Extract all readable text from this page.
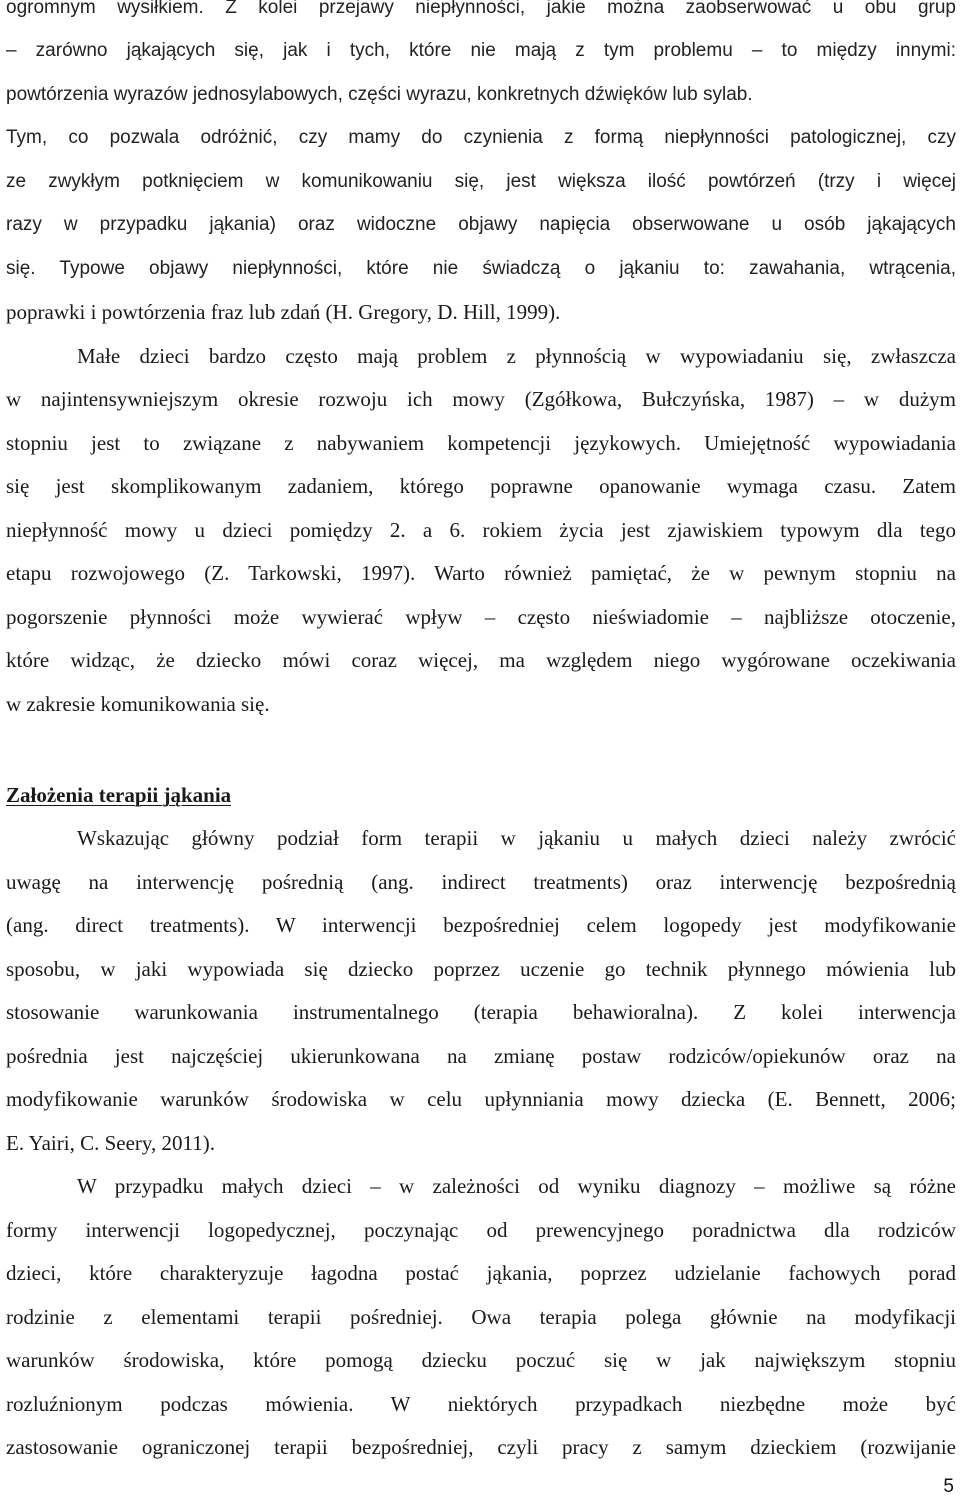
ogromnym wysiłkiem. Z kolei przejawy niepłynności, jakie można zaobserwować u obu grup
– zarówno jąkających się, jak i tych, które nie mają z tym problemu – to między innymi:
powtórzenia wyrazów jednosylabowych, części wyrazu, konkretnych dźwięków lub sylab.
Tym, co pozwala odróżnić, czy mamy do czynienia z formą niepłynności patologicznej, czy
ze zwykłym potknięciem w komunikowaniu się, jest większa ilość powtórzeń (trzy i więcej
razy w przypadku jąkania) oraz widoczne objawy napięcia obserwowane u osób jąkających
się. Typowe objawy niepłynności, które nie świadczą o jąkaniu to: zawahania, wtrącenia,
poprawki i powtórzenia fraz lub zdań (H. Gregory, D. Hill, 1999).
Małe dzieci bardzo często mają problem z płynnością w wypowiadaniu się, zwłaszcza
w najintensywniejszym okresie rozwoju ich mowy (Zgółkowa, Bułczyńska, 1987) – w dużym
stopniu jest to związane z nabywaniem kompetencji językowych. Umiejętność wypowiadania
się jest skomplikowanym zadaniem, którego poprawne opanowanie wymaga czasu. Zatem
niepłynność mowy u dzieci pomiędzy 2. a 6. rokiem życia jest zjawiskiem typowym dla tego
etapu rozwojowego (Z. Tarkowski, 1997). Warto również pamiętać, że w pewnym stopniu na
pogorszenie płynności może wywierać wpływ – często nieświadomie – najbliższe otoczenie,
które widząc, że dziecko mówi coraz więcej, ma względem niego wygórowane oczekiwania
w zakresie komunikowania się.
Założenia terapii jąkania
Wskazując główny podział form terapii w jąkaniu u małych dzieci należy zwrócić
uwagę na interwencję pośrednią (ang. indirect treatments) oraz interwencję bezpośrednią
(ang. direct treatments). W interwencji bezpośredniej celem logopedy jest modyfikowanie
sposobu, w jaki wypowiada się dziecko poprzez uczenie go technik płynnego mówienia lub
stosowanie warunkowania instrumentalnego (terapia behawioralna). Z kolei interwencja
pośrednia jest najczęściej ukierunkowana na zmianę postaw rodziców/opiekunów oraz na
modyfikowanie warunków środowiska w celu upłynniania mowy dziecka (E. Bennett, 2006;
E. Yairi, C. Seery, 2011).
W przypadku małych dzieci – w zależności od wyniku diagnozy – możliwe są różne
formy interwencji logopedycznej, poczynając od prewencyjnego poradnictwa dla rodziców
dzieci, które charakteryzuje łagodna postać jąkania, poprzez udzielanie fachowych porad
rodzinie z elementami terapii pośredniej. Owa terapia polega głównie na modyfikacji
warunków środowiska, które pomogą dziecku poczuć się w jak największym stopniu
rozluźnionym podczas mówienia. W niektórych przypadkach niezbędne może być
zastosowanie ograniczonej terapii bezpośredniej, czyli pracy z samym dzieckiem (rozwijanie
5
